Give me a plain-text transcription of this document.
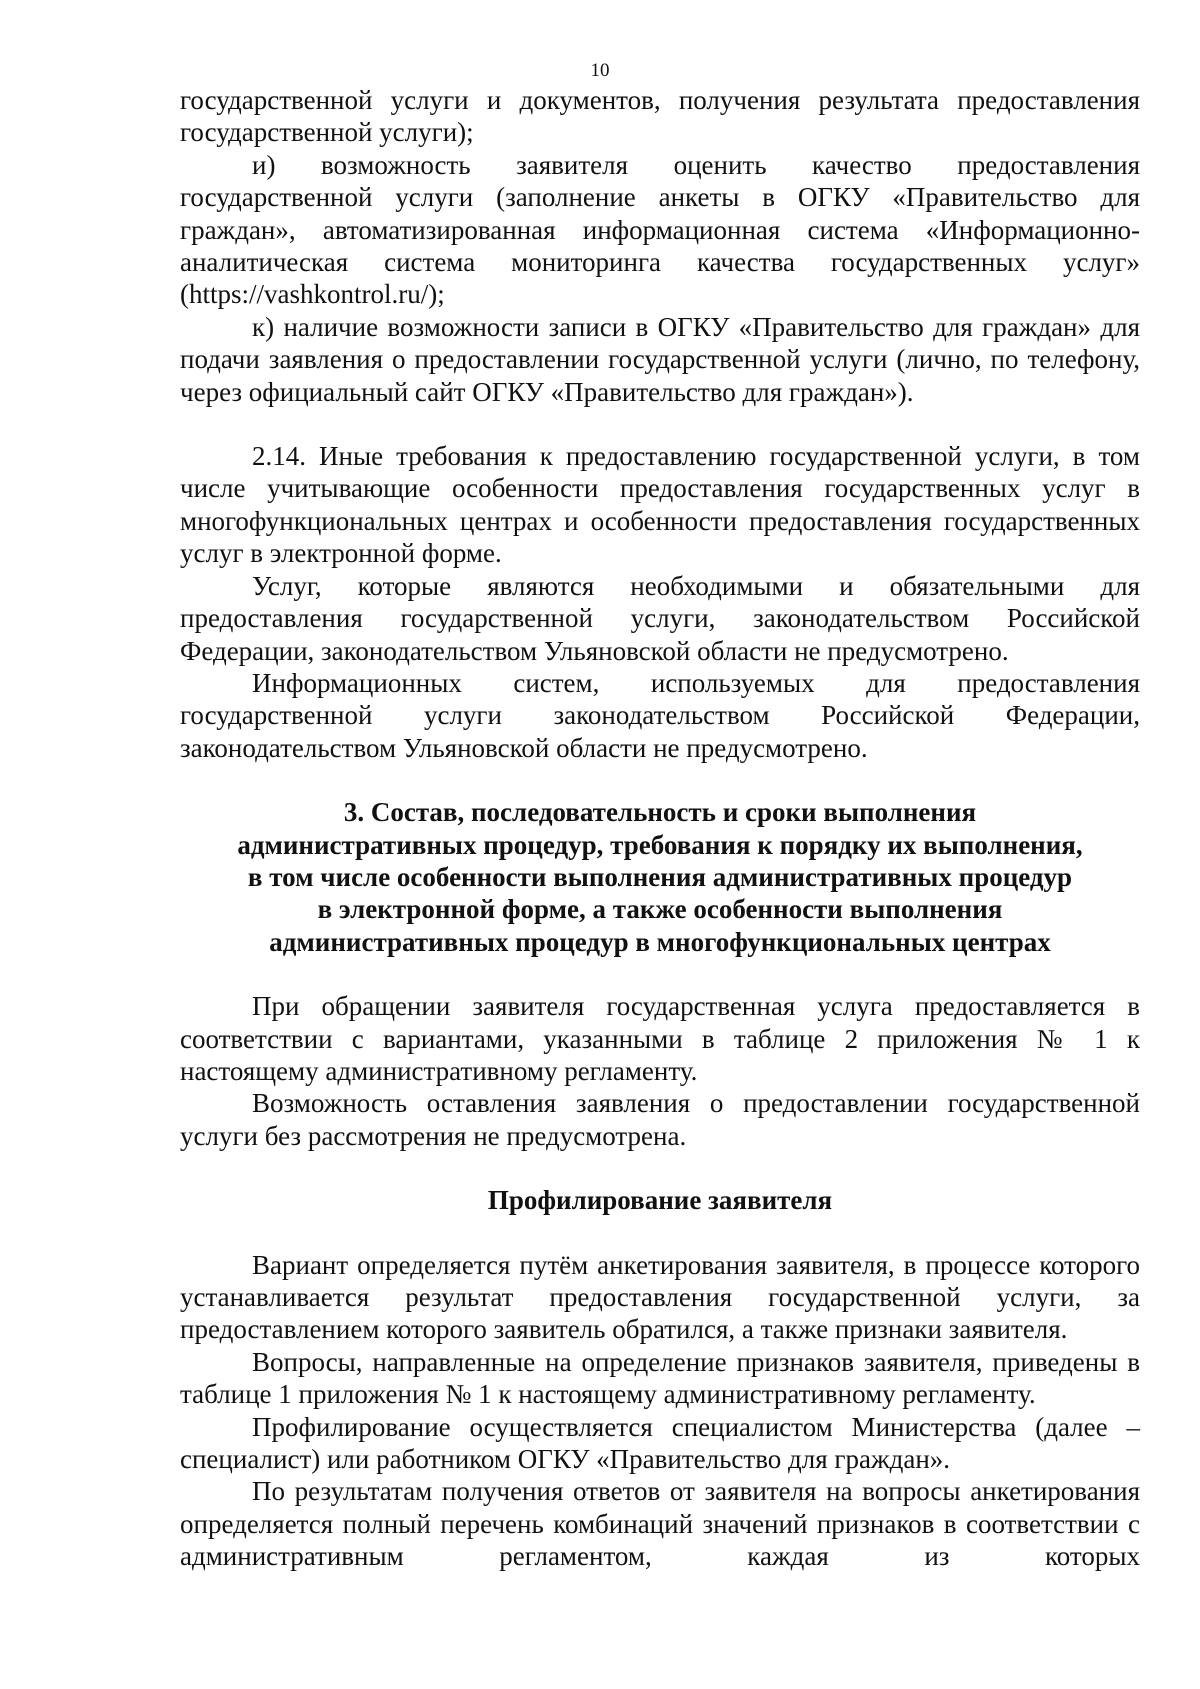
10

государственной услуги и документов, получения результата предоставления государственной услуги);

и) возможность заявителя оценить качество предоставления государственной услуги (заполнение анкеты в ОГКУ «Правительство для граждан», автоматизированная информационная система «Информационно-аналитическая система мониторинга качества государственных услуг» (https://vashkontrol.ru/);

к) наличие возможности записи в ОГКУ «Правительство для граждан» для подачи заявления о предоставлении государственной услуги (лично, по телефону, через официальный сайт ОГКУ «Правительство для граждан»).

2.14. Иные требования к предоставлению государственной услуги, в том числе учитывающие особенности предоставления государственных услуг в многофункциональных центрах и особенности предоставления государственных услуг в электронной форме.

Услуг, которые являются необходимыми и обязательными для предоставления государственной услуги, законодательством Российской Федерации, законодательством Ульяновской области не предусмотрено.

Информационных систем, используемых для предоставления государственной услуги законодательством Российской Федерации, законодательством Ульяновской области не предусмотрено.

3. Состав, последовательность и сроки выполнения

административных процедур, требования к порядку их выполнения,

в том числе особенности выполнения административных процедур

в электронной форме, а также особенности выполнения

административных процедур в многофункциональных центрах

При обращении заявителя государственная услуга предоставляется в соответствии с вариантами, указанными в таблице 2 приложения № 1 к настоящему административному регламенту.

Возможность оставления заявления о предоставлении государственной услуги без рассмотрения не предусмотрена.

Профилирование заявителя

Вариант определяется путём анкетирования заявителя, в процессе которого устанавливается результат предоставления государственной услуги, за предоставлением которого заявитель обратился, а также признаки заявителя.

Вопросы, направленные на определение признаков заявителя, приведены в таблице 1 приложения № 1 к настоящему административному регламенту.

Профилирование осуществляется специалистом Министерства (далее – специалист) или работником ОГКУ «Правительство для граждан».

По результатам получения ответов от заявителя на вопросы анкетирования определяется полный перечень комбинаций значений признаков в соответствии с административным регламентом, каждая из которых
